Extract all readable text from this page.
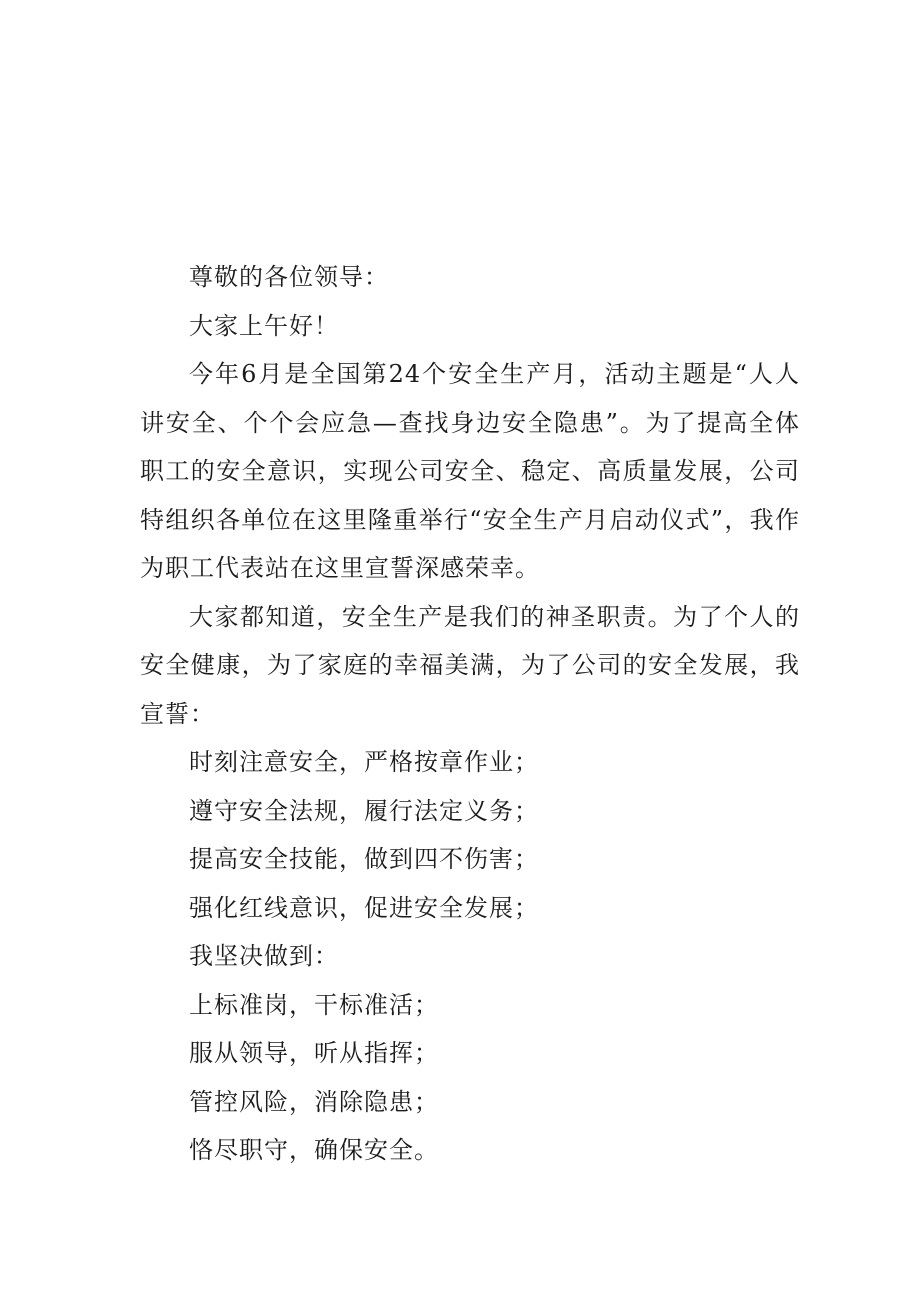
尊敬的各位领导：

大家上午好！

今年6月是全国第24个安全生产月，活动主题是“人人讲安全、个个会应急—查找身边安全隐患”。为了提高全体职工的安全意识，实现公司安全、稳定、高质量发展，公司特组织各单位在这里隆重举行“安全生产月启动仪式”，我作为职工代表站在这里宣誓深感荣幸。

大家都知道，安全生产是我们的神圣职责。为了个人的安全健康，为了家庭的幸福美满，为了公司的安全发展，我宣誓：

时刻注意安全，严格按章作业；

遵守安全法规，履行法定义务；

提高安全技能，做到四不伤害；

强化红线意识，促进安全发展；

我坚决做到：

上标准岗，干标准活；

服从领导，听从指挥；

管控风险，消除隐患；

恪尽职守，确保安全。
